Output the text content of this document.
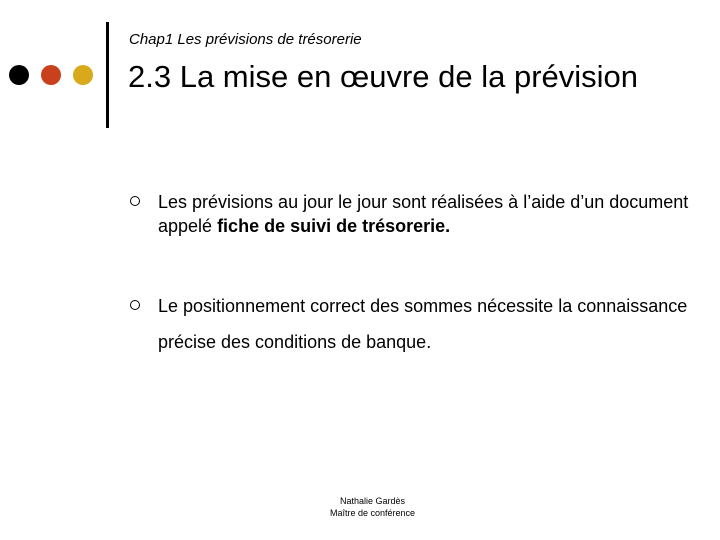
Chap1 Les prévisions de trésorerie
2.3 La mise en œuvre de la prévision
Les prévisions au jour le jour sont réalisées à l’aide d’un document appelé fiche de suivi de trésorerie.
Le positionnement correct des sommes nécessite la connaissance précise des conditions de banque.
Nathalie Gardès
Maître de conférence
